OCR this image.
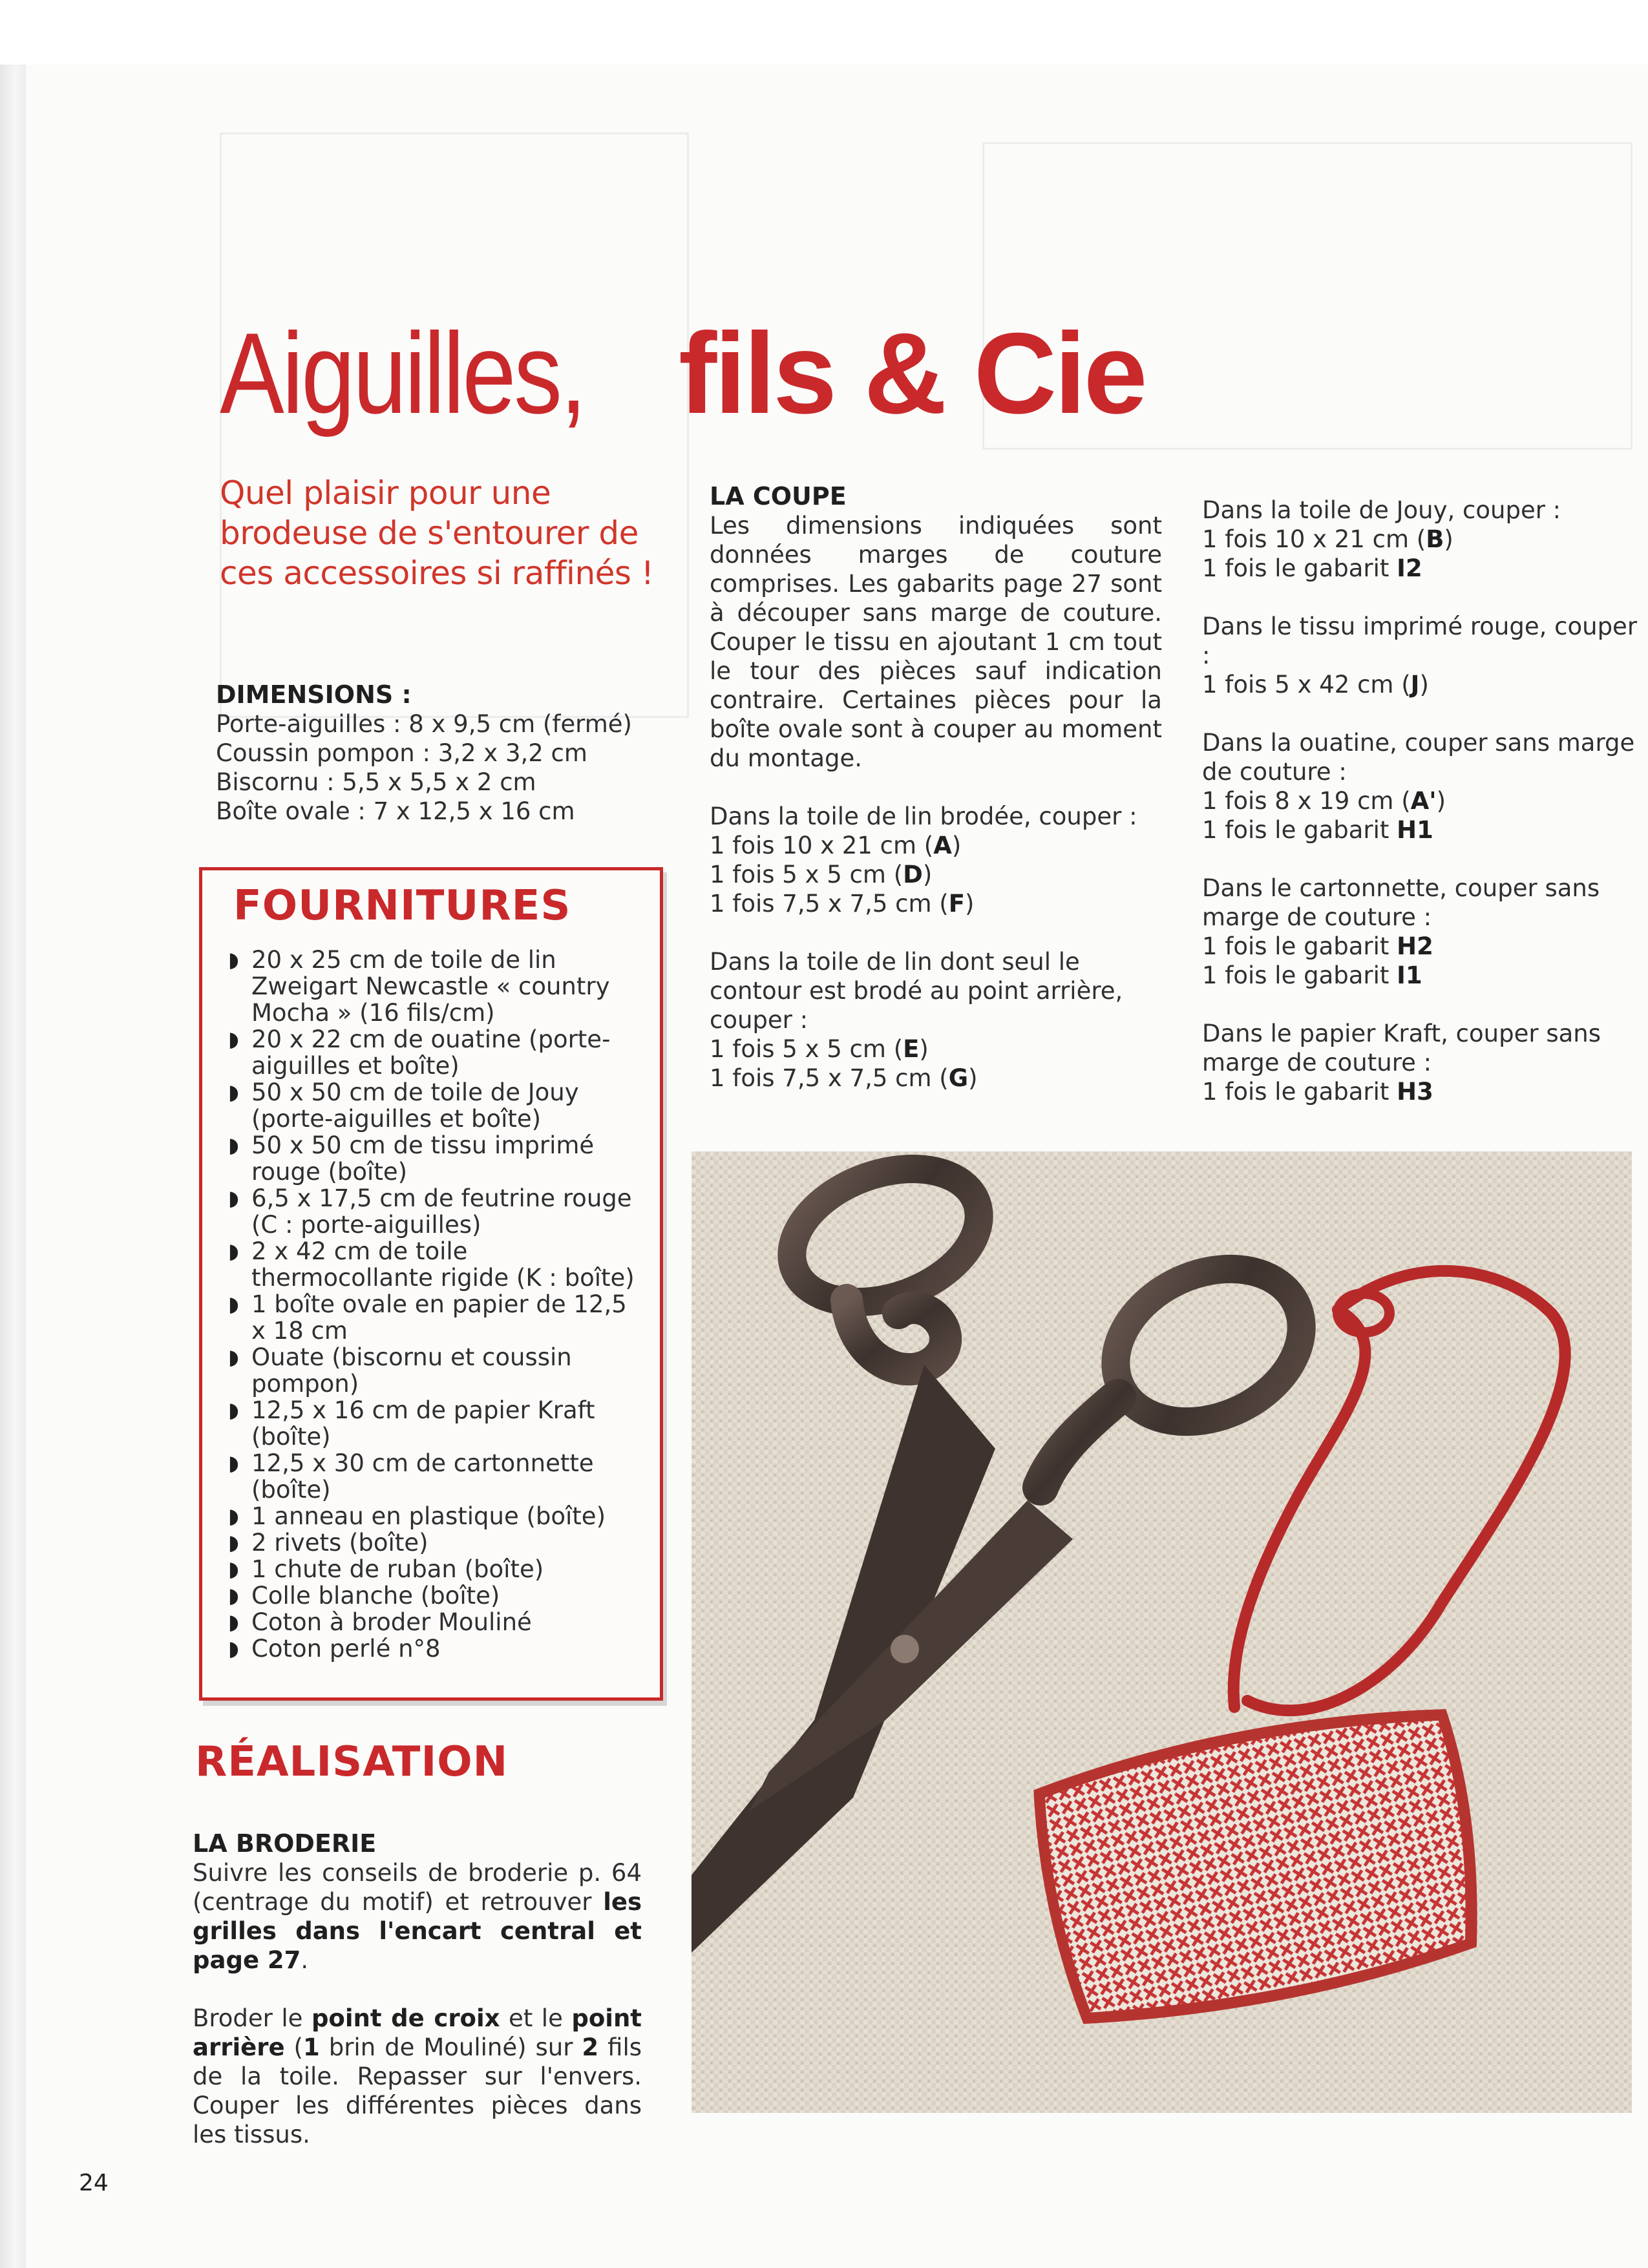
Aiguilles, fils & Cie
Quel plaisir pour une brodeuse de s'entourer de ces accessoires si raffinés !
DIMENSIONS :
Porte-aiguilles : 8 x 9,5 cm (fermé)
Coussin pompon : 3,2 x 3,2 cm
Biscornu : 5,5 x 5,5 x 2 cm
Boîte ovale : 7 x 12,5 x 16 cm
FOURNITURES
◗ 20 x 25 cm de toile de lin Zweigart Newcastle « country Mocha » (16 fils/cm)
◗ 20 x 22 cm de ouatine (porte-aiguilles et boîte)
◗ 50 x 50 cm de toile de Jouy (porte-aiguilles et boîte)
◗ 50 x 50 cm de tissu imprimé rouge (boîte)
◗ 6,5 x 17,5 cm de feutrine rouge (C : porte-aiguilles)
◗ 2 x 42 cm de toile thermocollante rigide (K : boîte)
◗ 1 boîte ovale en papier de 12,5 x 18 cm
◗ Ouate (biscornu et coussin pompon)
◗ 12,5 x 16 cm de papier Kraft (boîte)
◗ 12,5 x 30 cm de cartonnette (boîte)
◗ 1 anneau en plastique (boîte)
◗ 2 rivets (boîte)
◗ 1 chute de ruban (boîte)
◗ Colle blanche (boîte)
◗ Coton à broder Mouliné
◗ Coton perlé n°8
RÉALISATION
LA BRODERIE

Suivre les conseils de broderie p. 64 (centrage du motif) et retrouver les grilles dans l'encart central et page 27.

Broder le point de croix et le point arrière (1 brin de Mouliné) sur 2 fils de la toile. Repasser sur l'envers. Couper les différentes pièces dans les tissus.

LA COUPE

Les dimensions indiquées sont données marges de couture comprises. Les gabarits page 27 sont à découper sans marge de couture. Couper le tissu en ajoutant 1 cm tout le tour des pièces sauf indication contraire. Certaines pièces pour la boîte ovale sont à couper au moment du montage.

Dans la toile de lin brodée, couper :
1 fois 10 x 21 cm (A)
1 fois 5 x 5 cm (D)
1 fois 7,5 x 7,5 cm (F)
Dans la toile de lin dont seul le contour est brodé au point arrière, couper :
1 fois 5 x 5 cm (E)
1 fois 7,5 x 7,5 cm (G)
Dans la toile de Jouy, couper :
1 fois 10 x 21 cm (B)
1 fois le gabarit I2
Dans le tissu imprimé rouge, couper :
1 fois 5 x 42 cm (J)
Dans la ouatine, couper sans marge de couture :
1 fois 8 x 19 cm (A')
1 fois le gabarit H1
Dans le cartonnette, couper sans marge de couture :
1 fois le gabarit H2
1 fois le gabarit I1
Dans le papier Kraft, couper sans marge de couture :
1 fois le gabarit H3
24
